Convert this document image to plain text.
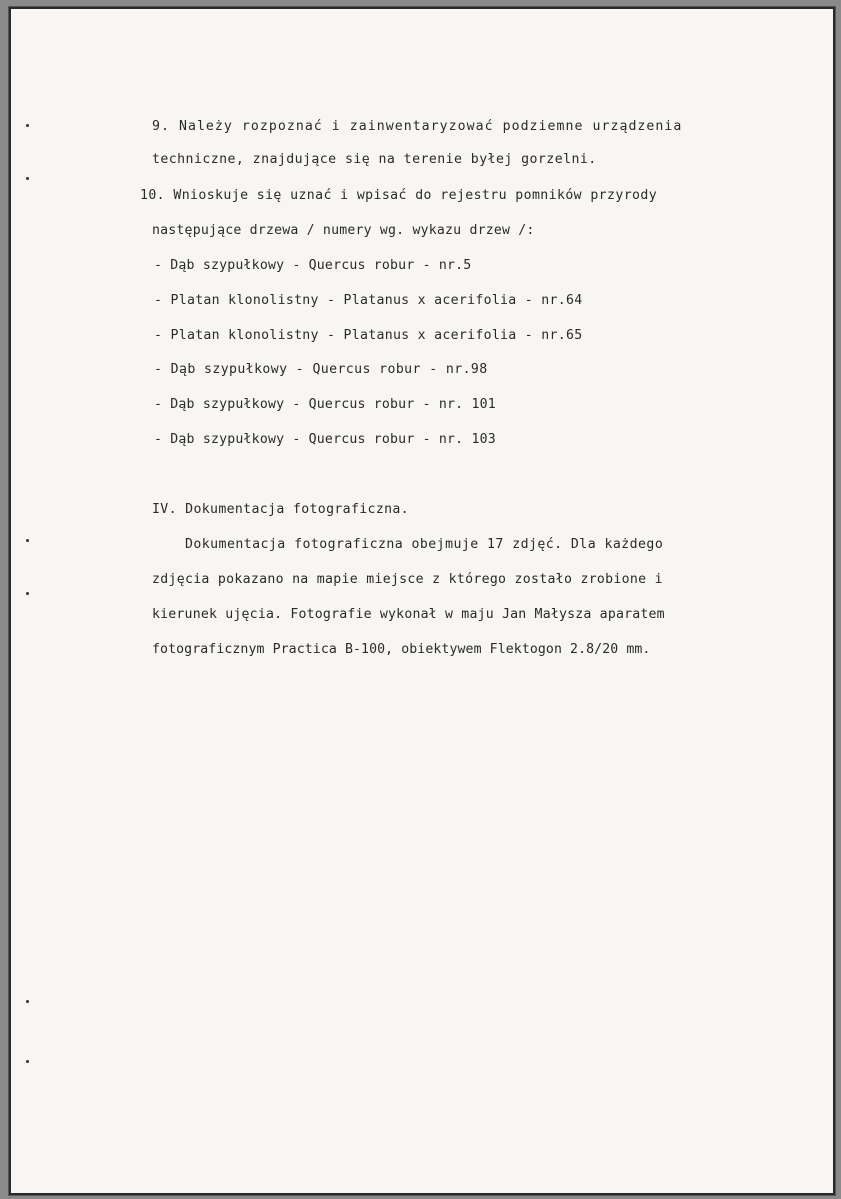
9. Należy rozpoznać i zainwentaryzować podziemne urządzenia
techniczne, znajdujące się na terenie byłej gorzelni.
10. Wnioskuje się uznać i wpisać do rejestru pomników przyrody
następujące drzewa / numery wg. wykazu drzew /:
- Dąb szypułkowy - Quercus robur - nr.5
- Platan klonolistny - Platanus x acerifolia - nr.64
- Platan klonolistny - Platanus x acerifolia - nr.65
- Dąb szypułkowy - Quercus robur - nr.98
- Dąb szypułkowy - Quercus robur - nr. 101
- Dąb szypułkowy - Quercus robur - nr. 103
IV. Dokumentacja fotograficzna.
Dokumentacja fotograficzna obejmuje 17 zdjęć. Dla każdego
zdjęcia pokazano na mapie miejsce z którego zostało zrobione i
kierunek ujęcia. Fotografie wykonał w maju Jan Małysza aparatem
fotograficznym Practica B-100, obiektywem Flektogon 2.8/20 mm.
